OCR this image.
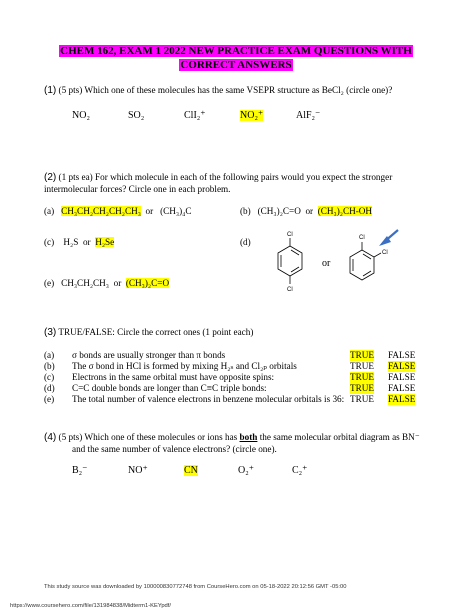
CHEM 162, EXAM 1 2022 NEW PRACTICE EXAM QUESTIONS WITH
CORRECT ANSWERS
(1) (5 pts) Which one of these molecules has the same VSEPR structure as BeCl₂ (circle one)?
NO₂	SO₂	ClI₂⁺	NO₂⁺	AlF₂⁻
(2) (1 pts ea) For which molecule in each of the following pairs would you expect the stronger
intermolecular forces? Circle one in each problem.
(a) CH₃CH₂CH₂CH₂CH₃ or (CH₃)₄C	(b) (CH₃)₂C=O or (CH₃)₂CH-OH
(c) H₂S or H₂Se	(d)
Cl
Cl
or
Cl
Cl
(e) CH₃CH₂CH₃ or (CH₃)₂C=O
(3) TRUE/FALSE: Circle the correct ones (1 point each)
(a) σ bonds are usually stronger than π bonds	TRUE FALSE
(b) The σ bond in HCl is formed by mixing H₂ₛ and Cl₂ₚ orbitals	TRUE FALSE
(c) Electrons in the same orbital must have opposite spins:	TRUE FALSE
(d) C=C double bonds are longer than C≡C triple bonds:	TRUE FALSE
(e) The total number of valence electrons in benzene molecular orbitals is 36: TRUE FALSE
(4) (5 pts) Which one of these molecules or ions has both the same molecular orbital diagram as BN⁻
and the same number of valence electrons? (circle one).
B₂⁻	NO⁺	CN	O₂⁺	C₂⁺
This study source was downloaded by 100000830772748 from CourseHero.com on 05-18-2022 20:12:56 GMT -05:00
https://www.coursehero.com/file/131984838/Midterm1-KEYpdf/
